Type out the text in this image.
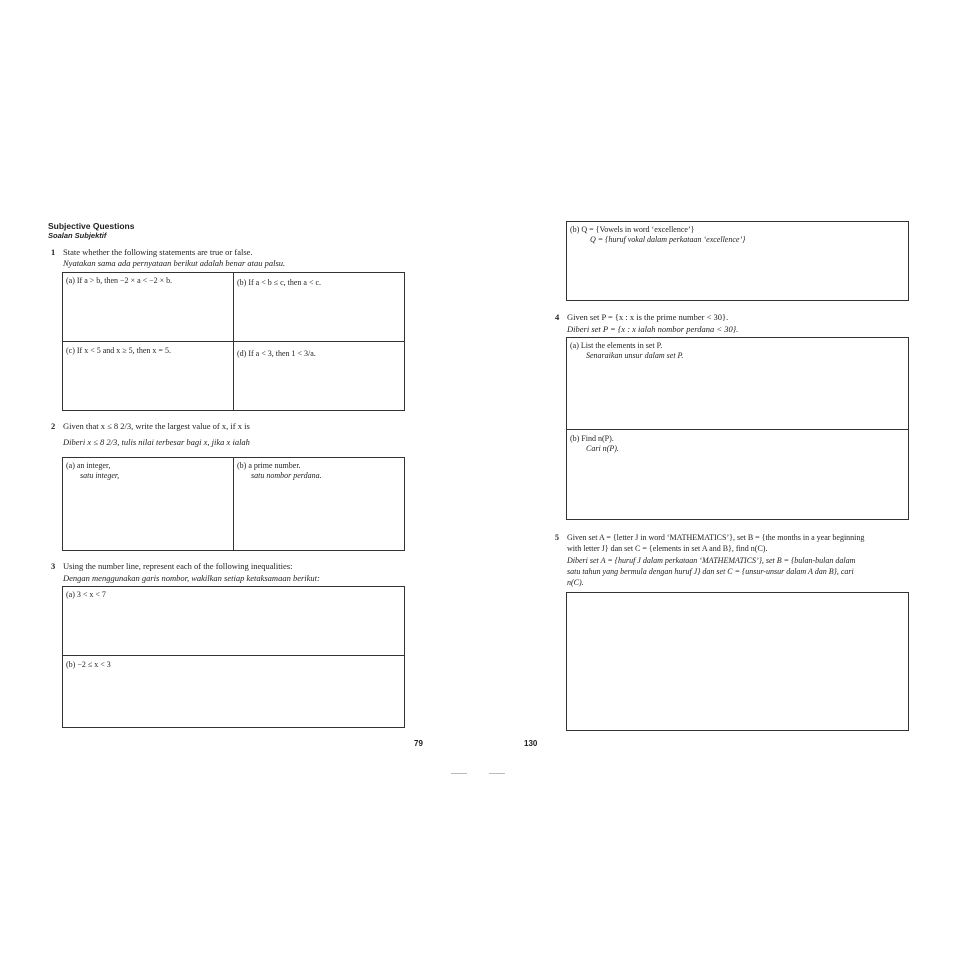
Subjective Questions
Soalan Subjektif
1 State whether the following statements are true or false.
Nyatakan sama ada pernyataan berikut adalah benar atau palsu.
(a) If a > b, then −2 × a < −2 × b.	(b) If a < b ≤ c, then a < c.
(c) If x < 5 and x ≥ 5, then x = 5.	(d) If a < 3, then 1 < 3/a.
2 Given that x ≤ 8 2/3, write the largest value of x, if x is
Diberi x ≤ 8 2/3, tulis nilai terbesar bagi x, jika x ialah
(a) an integer,
satu integer,
(b) a prime number.
satu nombor perdana.
3 Using the number line, represent each of the following inequalities:
Dengan menggunakan garis nombor, wakilkan setiap ketaksamaan berikut:
(a) 3 < x < 7
(b) −2 ≤ x < 3
79
(b) Q = {Vowels in word ‘excellence’}
Q = {huruf vokal dalam perkataan ‘excellence’}
4 Given set P = {x : x is the prime number < 30}.
Diberi set P = {x : x ialah nombor perdana < 30}.
(a) List the elements in set P.
Senaraikan unsur dalam set P.
(b) Find n(P).
Cari n(P).
5 Given set A = {letter J in word ‘MATHEMATICS’}, set B = {the months in a year beginning
with letter J} dan set C = {elements in set A and B}, find n(C).
Diberi set A = {huruf J dalam perkataan ‘MATHEMATICS’}, set B = {bulan-bulan dalam
satu tahun yang bermula dengan huruf J} dan set C = {unsur-unsur dalam A dan B}, cari
n(C).
130
